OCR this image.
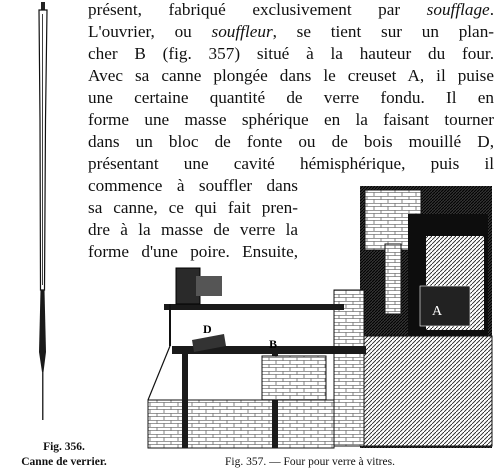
présent, fabriqué exclusivement par soufflage.
L'ouvrier, ou souffleur, se tient sur un plan-
cher B (fig. 357) situé à la hauteur du four.
Avec sa canne plongée dans le creuset A, il puise
une certaine quantité de verre fondu. Il en
forme une masse sphérique en la faisant tourner
dans un bloc de fonte ou de bois mouillé D,
présentant une cavité hémisphérique, puis il
commence à souffler dans
sa canne, ce qui fait pren-
dre à la masse de verre la
forme d'une poire. Ensuite,
D
B
A
Fig. 356.
Canne de verrier.	Fig. 357. — Four pour verre à vitres.
